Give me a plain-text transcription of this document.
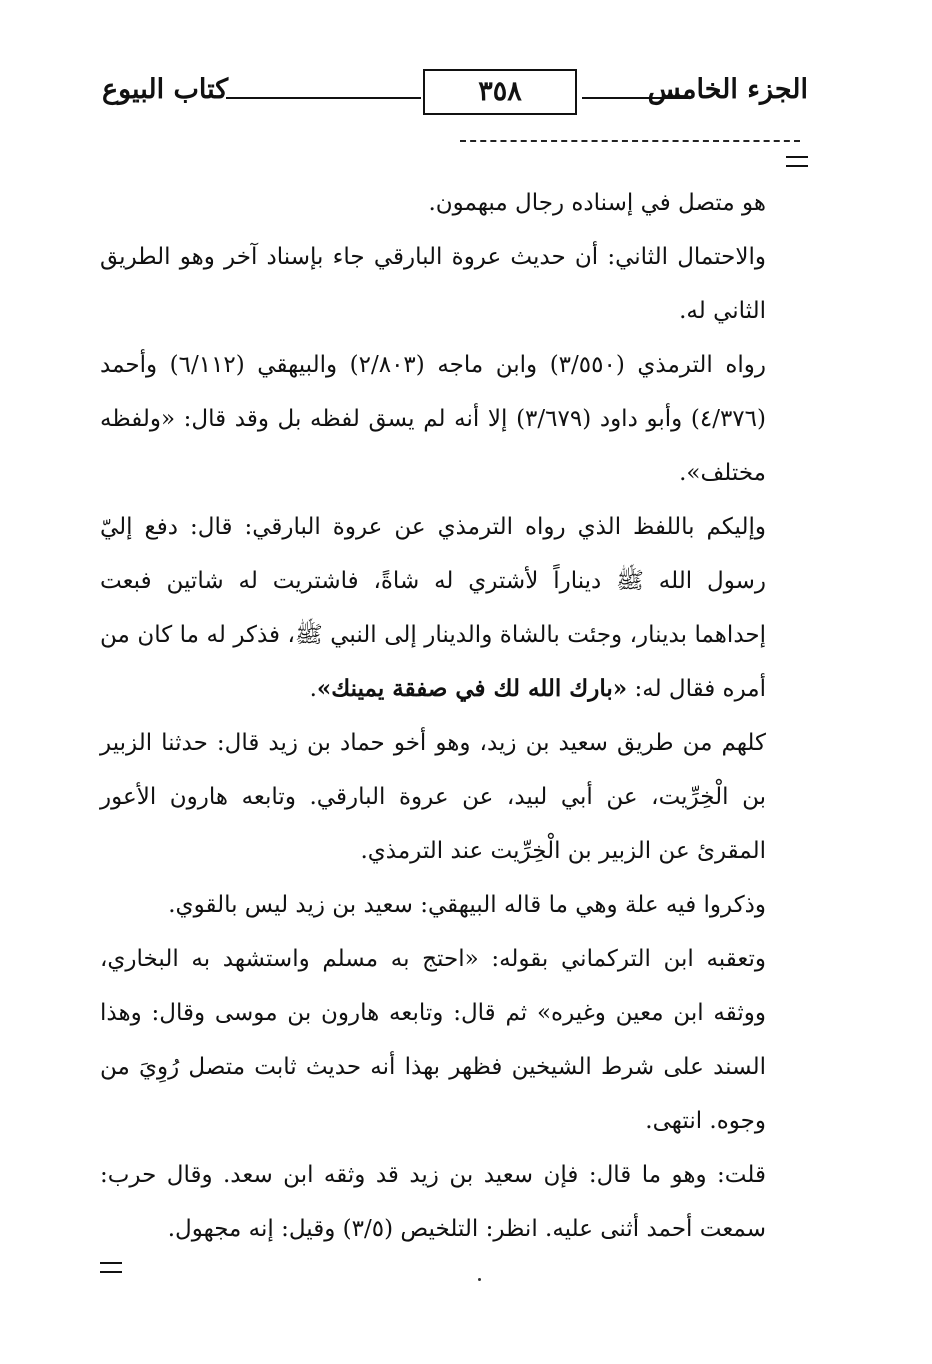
الجزء الخامس
٣٥٨
كتاب البيوع

هو متصل في إسناده رجال مبهمون.

والاحتمال الثاني: أن حديث عروة البارقي جاء بإسناد آخر وهو الطريق الثاني له.

رواه الترمذي (٣/٥٥٠) وابن ماجه (٢/٨٠٣) والبيهقي (٦/١١٢) وأحمد (٤/٣٧٦) وأبو داود (٣/٦٧٩) إلا أنه لم يسق لفظه بل وقد قال: «ولفظه مختلف».

وإليكم باللفظ الذي رواه الترمذي عن عروة البارقي: قال: دفع إليّ رسول الله ﷺ ديناراً لأشتري له شاةً، فاشتريت له شاتين فبعت إحداهما بدينار، وجئت بالشاة والدينار إلى النبي ﷺ، فذكر له ما كان من أمره فقال له: «بارك الله لك في صفقة يمينك».

كلهم من طريق سعيد بن زيد، وهو أخو حماد بن زيد قال: حدثنا الزبير بن الْخِرِّيت، عن أبي لبيد، عن عروة البارقي. وتابعه هارون الأعور المقرئ عن الزبير بن الْخِرِّيت عند الترمذي.

وذكروا فيه علة وهي ما قاله البيهقي: سعيد بن زيد ليس بالقوي.

وتعقبه ابن التركماني بقوله: «احتج به مسلم واستشهد به البخاري، ووثقه ابن معين وغيره» ثم قال: وتابعه هارون بن موسى وقال: وهذا السند على شرط الشيخين فظهر بهذا أنه حديث ثابت متصل رُوِيَ من وجوه. انتهى.

قلت: وهو ما قال: فإن سعيد بن زيد قد وثقه ابن سعد. وقال حرب: سمعت أحمد أثنى عليه. انظر: التلخيص (٣/٥) وقيل: إنه مجهول.
